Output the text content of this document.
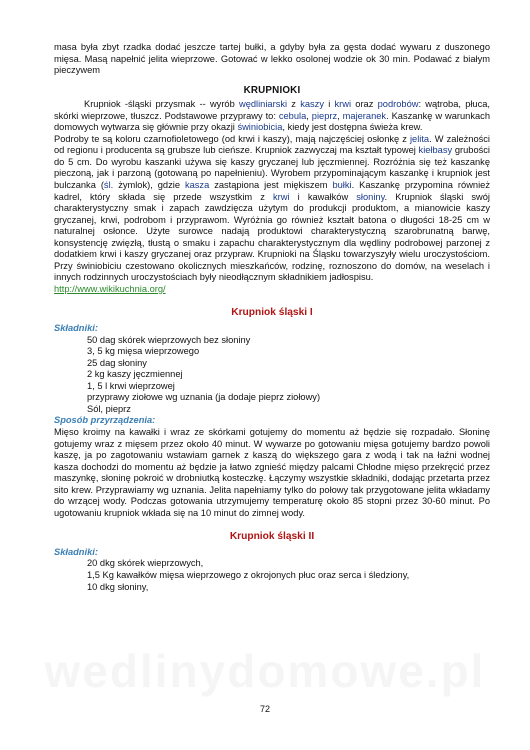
wedlinydomowe.pl

masa była zbyt rzadka dodać jeszcze tartej bułki, a gdyby była za gęsta dodać wywaru z duszonego mięsa. Masą napełnić jelita wieprzowe. Gotować w lekko osolonej wodzie ok 30 min. Podawać z białym pieczywem

KRUPNIOKI

Krupniok -śląski przysmak -- wyrób wędliniarski z kaszy i krwi oraz podrobów: wątroba, płuca, skórki wieprzowe, tłuszcz. Podstawowe przyprawy to: cebula, pieprz, majeranek. Kaszankę w warunkach domowych wytwarza się głównie przy okazji świniobicia, kiedy jest dostępna świeża krew.

Podroby te są koloru czarnofioletowego (od krwi i kaszy), mają najczęściej osłonkę z jelita. W zależności od regionu i producenta są grubsze lub cieńsze. Krupniok zazwyczaj ma kształt typowej kiełbasy grubości do 5 cm. Do wyrobu kaszanki używa się kaszy gryczanej lub jęczmiennej. Rozróżnia się też kaszankę pieczoną, jak i parzoną (gotowaną po napełnieniu). Wyrobem przypominającym kaszankę i krupniok jest bulczanka (śl. żymlok), gdzie kasza zastąpiona jest miękiszem bułki. Kaszankę przypomina również kadrel, który składa się przede wszystkim z krwi i kawałków słoniny. Krupniok śląski swój charakterystyczny smak i zapach zawdzięcza użytym do produkcji produktom, a mianowicie kaszy gryczanej, krwi, podrobom i przyprawom. Wyróżnia go również kształt batona o długości 18-25 cm w naturalnej osłonce. Użyte surowce nadają produktowi charakterystyczną szarobrunatną barwę, konsystencję zwięzłą, tłustą o smaku i zapachu charakterystycznym dla wędliny podrobowej parzonej z dodatkiem krwi i kaszy gryczanej oraz przypraw. Krupnioki na Śląsku towarzyszyły wielu uroczystościom. Przy świniobiciu czestowano okolicznych mieszkańców, rodzinę, roznoszono do domów, na weselach i innych rodzinnych uroczystościach były nieodłącznym składnikiem jadłospisu.

http://www.wikikuchnia.org/

Krupniok śląski I

Składniki:
50 dag skórek wieprzowych bez słoniny
3, 5 kg mięsa wieprzowego
25 dag słoniny
2 kg kaszy jęczmiennej
1, 5 l krwi wieprzowej
przyprawy ziołowe wg uznania (ja dodaje pieprz ziołowy)
Sól, pieprz
Sposób przyrządzenia:

Mięso kroimy na kawałki i wraz ze skórkami gotujemy do momentu aż będzie się rozpadało. Słoninę gotujemy wraz z mięsem przez około 40 minut. W wywarze po gotowaniu mięsa gotujemy bardzo powoli kaszę, ja po zagotowaniu wstawiam garnek z kaszą do większego gara z wodą i tak na łaźni wodnej kasza dochodzi do momentu aż będzie ja łatwo zgnieść między palcami Chłodne mięso przekręcić przez maszynkę, słoninę pokroić w drobniutką kosteczkę. Łączymy wszystkie składniki, dodając przetarta przez sito krew. Przyprawiamy wg uznania. Jelita napełniamy tylko do połowy tak przygotowane jelita wkładamy do wrzącej wody. Podczas gotowania utrzymujemy temperaturę około 85 stopni przez 30-60 minut. Po ugotowaniu krupniok wkłada się na 10 minut do zimnej wody.

Krupniok śląski II

Składniki:
20 dkg skórek wieprzowych,
1,5 Kg kawałków mięsa wieprzowego z okrojonych płuc oraz serca i śledziony,
10 dkg słoniny,
72
